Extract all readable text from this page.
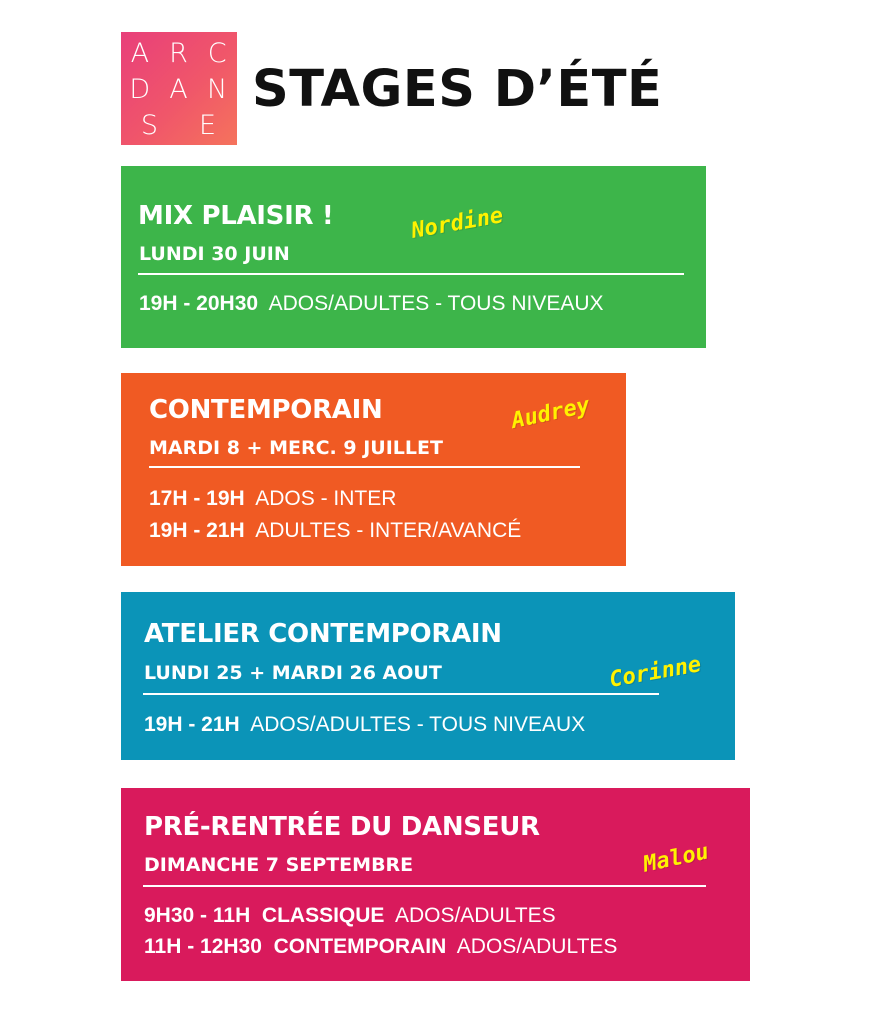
A R C
D A N
S E
STAGES D’ÉTÉ
MIX PLAISIR !	Nordine
LUNDI 30 JUIN
19H - 20H30 ADOS/ADULTES - TOUS NIVEAUX
CONTEMPORAIN	Audrey
MARDI 8 + MERC. 9 JUILLET
17H - 19H ADOS - INTER
19H - 21H ADULTES - INTER/AVANCÉ
ATELIER CONTEMPORAIN
Corinne
LUNDI 25 + MARDI 26 AOUT
19H - 21H ADOS/ADULTES - TOUS NIVEAUX
PRÉ-RENTRÉE DU DANSEUR
Malou
DIMANCHE 7 SEPTEMBRE
9H30 - 11H CLASSIQUE ADOS/ADULTES
11H - 12H30 CONTEMPORAIN ADOS/ADULTES
